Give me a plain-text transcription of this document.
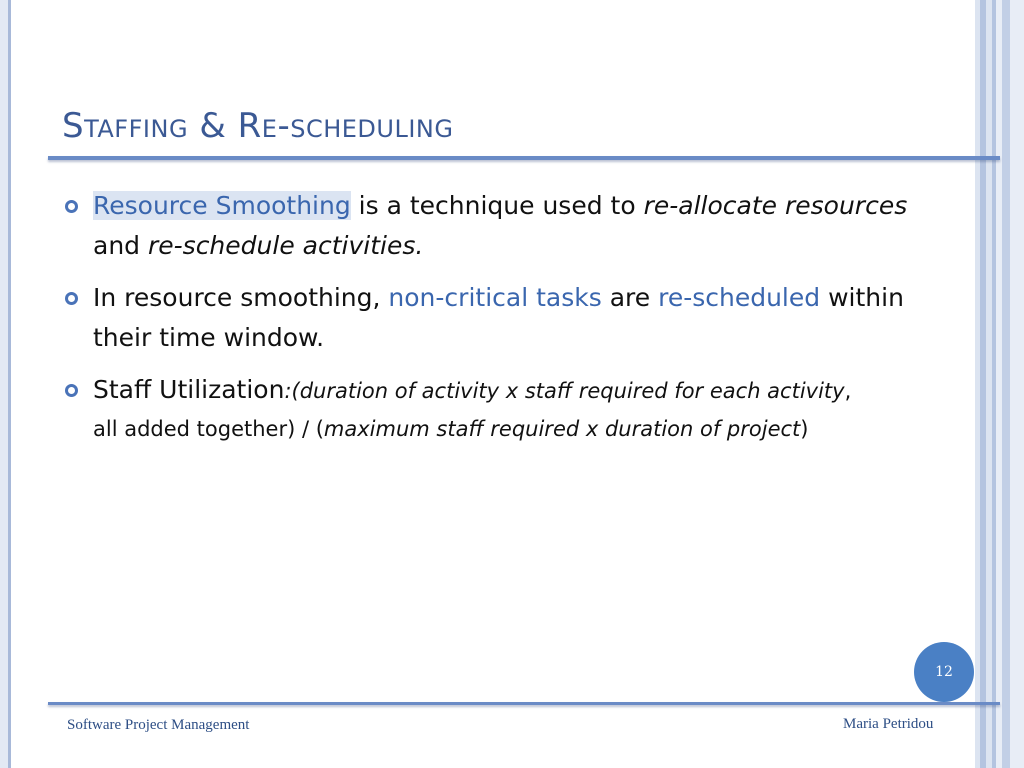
Staffing & Re-scheduling
Resource Smoothing is a technique used to re-allocate resources and re-schedule activities.
In resource smoothing, non-critical tasks are re-scheduled within their time window.
Staff Utilization:(duration of activity x staff required for each activity,
all added together) / (maximum staff required x duration of project)
12
Software Project Management	Maria Petridou
